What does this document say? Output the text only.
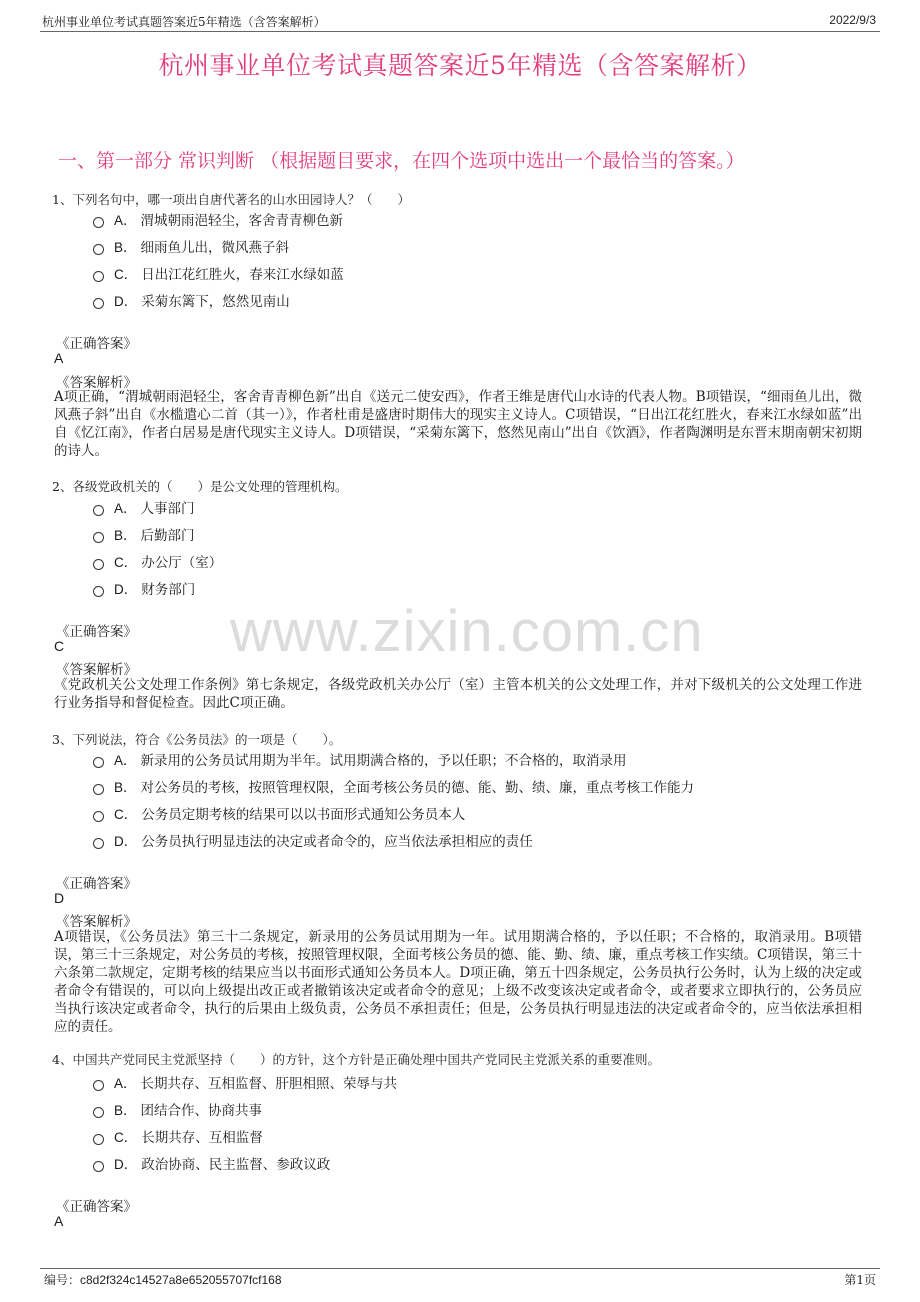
杭州事业单位考试真题答案近5年精选（含答案解析）	2022/9/3
杭州事业单位考试真题答案近5年精选（含答案解析）
一、第一部分 常识判断 （根据题目要求，在四个选项中选出一个最恰当的答案。）
www.zixin.com.cn
1、下列名句中，哪一项出自唐代著名的山水田园诗人？（　　）
A． 渭城朝雨浥轻尘，客舍青青柳色新
B． 细雨鱼儿出，微风燕子斜
C． 日出江花红胜火，春来江水绿如蓝
D． 采菊东篱下，悠然见南山
《正确答案》
A
《答案解析》
A项正确，“渭城朝雨浥轻尘，客舍青青柳色新”出自《送元二使安西》，作者王维是唐代山水诗的代表人物。B项错误，“细雨鱼儿出，微风燕子斜”出自《水槛遣心二首（其一）》，作者杜甫是盛唐时期伟大的现实主义诗人。C项错误，“日出江花红胜火，春来江水绿如蓝”出自《忆江南》，作者白居易是唐代现实主义诗人。D项错误，“采菊东篱下，悠然见南山”出自《饮酒》，作者陶渊明是东晋末期南朝宋初期的诗人。
2、各级党政机关的（　　）是公文处理的管理机构。
A． 人事部门
B． 后勤部门
C． 办公厅（室）
D． 财务部门
《正确答案》
C
《答案解析》
《党政机关公文处理工作条例》第七条规定，各级党政机关办公厅（室）主管本机关的公文处理工作，并对下级机关的公文处理工作进行业务指导和督促检查。因此C项正确。
3、下列说法，符合《公务员法》的一项是（　　）。
A． 新录用的公务员试用期为半年。试用期满合格的，予以任职；不合格的，取消录用
B． 对公务员的考核，按照管理权限，全面考核公务员的德、能、勤、绩、廉，重点考核工作能力
C． 公务员定期考核的结果可以以书面形式通知公务员本人
D． 公务员执行明显违法的决定或者命令的，应当依法承担相应的责任
《正确答案》
D
《答案解析》
A项错误，《公务员法》第三十二条规定，新录用的公务员试用期为一年。试用期满合格的，予以任职；不合格的，取消录用。B项错误，第三十三条规定，对公务员的考核，按照管理权限，全面考核公务员的德、能、勤、绩、廉，重点考核工作实绩。C项错误，第三十六条第二款规定，定期考核的结果应当以书面形式通知公务员本人。D项正确，第五十四条规定，公务员执行公务时，认为上级的决定或者命令有错误的，可以向上级提出改正或者撤销该决定或者命令的意见；上级不改变该决定或者命令，或者要求立即执行的，公务员应当执行该决定或者命令，执行的后果由上级负责，公务员不承担责任；但是，公务员执行明显违法的决定或者命令的，应当依法承担相应的责任。
4、中国共产党同民主党派坚持（　　）的方针，这个方针是正确处理中国共产党同民主党派关系的重要准则。
A． 长期共存、互相监督、肝胆相照、荣辱与共
B． 团结合作、协商共事
C． 长期共存、互相监督
D． 政治协商、民主监督、参政议政
《正确答案》
A
编号：c8d2f324c14527a8e652055707fcf168	第1页
